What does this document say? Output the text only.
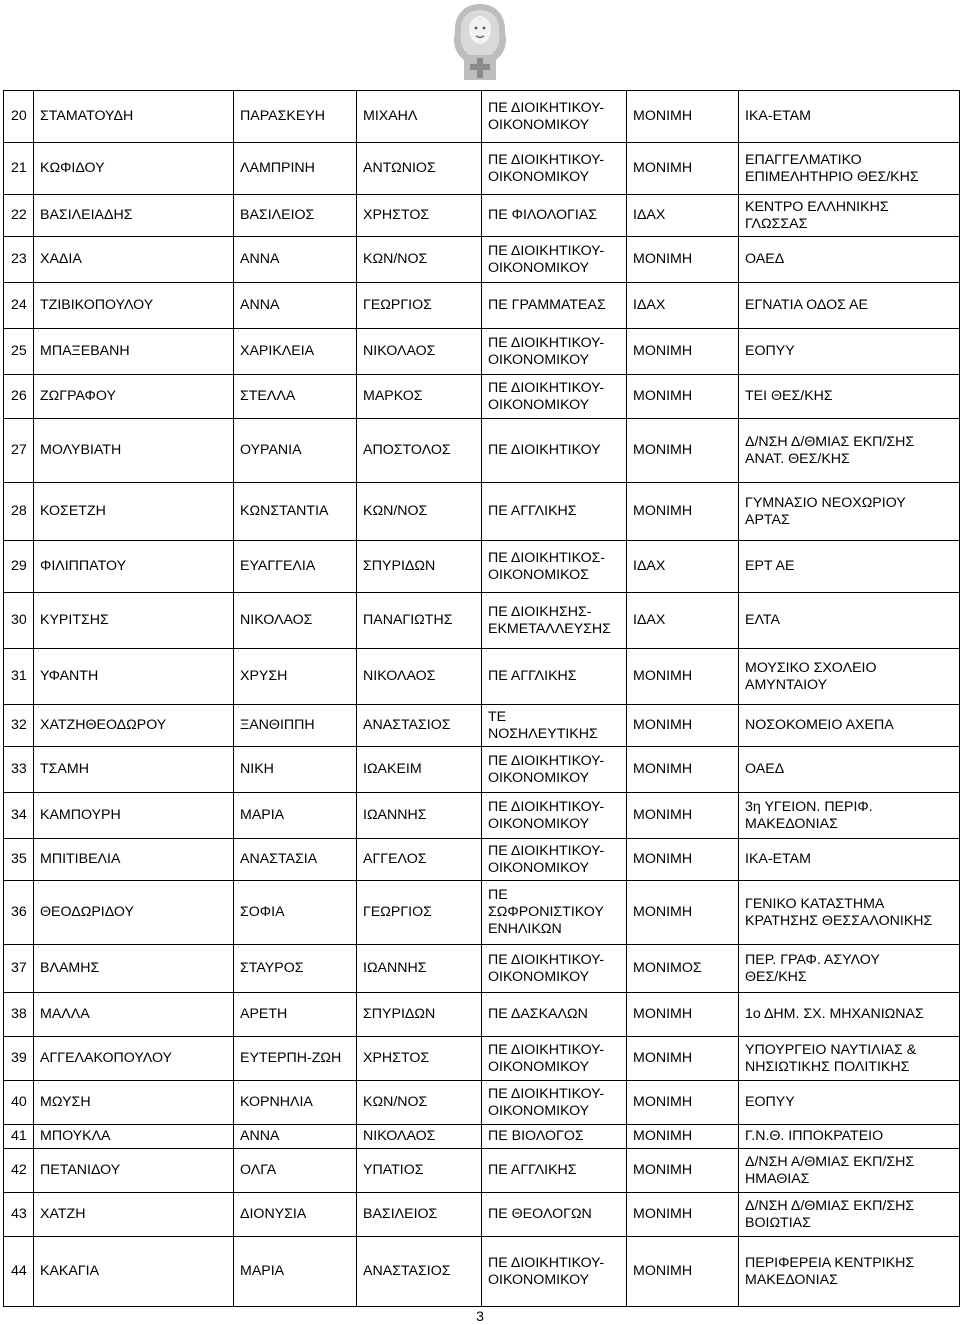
20	ΣΤΑΜΑΤΟΥΔΗ	ΠΑΡΑΣΚΕΥΗ	ΜΙΧΑΗΛ	ΠΕ ΔΙΟΙΚΗΤΙΚΟΥ-
ΟΙΚΟΝΟΜΙΚΟΥ	ΜΟΝΙΜΗ	ΙΚΑ-ΕΤΑΜ
21	ΚΩΦΙΔΟΥ	ΛΑΜΠΡΙΝΗ	ΑΝΤΩΝΙΟΣ	ΠΕ ΔΙΟΙΚΗΤΙΚΟΥ-
ΟΙΚΟΝΟΜΙΚΟΥ	ΜΟΝΙΜΗ	ΕΠΑΓΓΕΛΜΑΤΙΚΟ
ΕΠΙΜΕΛΗΤΗΡΙΟ ΘΕΣ/ΚΗΣ
22	ΒΑΣΙΛΕΙΑΔΗΣ	ΒΑΣΙΛΕΙΟΣ	ΧΡΗΣΤΟΣ	ΠΕ ΦΙΛΟΛΟΓΙΑΣ	ΙΔΑΧ	ΚΕΝΤΡΟ ΕΛΛΗΝΙΚΗΣ
ΓΛΩΣΣΑΣ
23	ΧΑΔΙΑ	ΑΝΝΑ	ΚΩΝ/ΝΟΣ	ΠΕ ΔΙΟΙΚΗΤΙΚΟΥ-
ΟΙΚΟΝΟΜΙΚΟΥ	ΜΟΝΙΜΗ	ΟΑΕΔ
24	ΤΖΙΒΙΚΟΠΟΥΛΟΥ	ΑΝΝΑ	ΓΕΩΡΓΙΟΣ	ΠΕ ΓΡΑΜΜΑΤΕΑΣ	ΙΔΑΧ	ΕΓΝΑΤΙΑ ΟΔΟΣ ΑΕ
25	ΜΠΑΞΕΒΑΝΗ	ΧΑΡΙΚΛΕΙΑ	ΝΙΚΟΛΑΟΣ	ΠΕ ΔΙΟΙΚΗΤΙΚΟΥ-
ΟΙΚΟΝΟΜΙΚΟΥ	ΜΟΝΙΜΗ	ΕΟΠΥΥ
26	ΖΩΓΡΑΦΟΥ	ΣΤΕΛΛΑ	ΜΑΡΚΟΣ	ΠΕ ΔΙΟΙΚΗΤΙΚΟΥ-
ΟΙΚΟΝΟΜΙΚΟΥ	ΜΟΝΙΜΗ	ΤΕΙ ΘΕΣ/ΚΗΣ
27	ΜΟΛΥΒΙΑΤΗ	ΟΥΡΑΝΙΑ	ΑΠΟΣΤΟΛΟΣ	ΠΕ ΔΙΟΙΚΗΤΙΚΟΥ	ΜΟΝΙΜΗ	Δ/ΝΣΗ Δ/ΘΜΙΑΣ ΕΚΠ/ΣΗΣ
ΑΝΑΤ. ΘΕΣ/ΚΗΣ
28	ΚΟΣΕΤΖΗ	ΚΩΝΣΤΑΝΤΙΑ	ΚΩΝ/ΝΟΣ	ΠΕ ΑΓΓΛΙΚΗΣ	ΜΟΝΙΜΗ	ΓΥΜΝΑΣΙΟ ΝΕΟΧΩΡΙΟΥ
ΑΡΤΑΣ
29	ΦΙΛΙΠΠΑΤΟΥ	ΕΥΑΓΓΕΛΙΑ	ΣΠΥΡΙΔΩΝ	ΠΕ ΔΙΟΙΚΗΤΙΚΟΣ-
ΟΙΚΟΝΟΜΙΚΟΣ	ΙΔΑΧ	ΕΡΤ ΑΕ
30	ΚΥΡΙΤΣΗΣ	ΝΙΚΟΛΑΟΣ	ΠΑΝΑΓΙΩΤΗΣ	ΠΕ ΔΙΟΙΚΗΣΗΣ-
ΕΚΜΕΤΑΛΛΕΥΣΗΣ	ΙΔΑΧ	ΕΛΤΑ
31	ΥΦΑΝΤΗ	ΧΡΥΣΗ	ΝΙΚΟΛΑΟΣ	ΠΕ ΑΓΓΛΙΚΗΣ	ΜΟΝΙΜΗ	ΜΟΥΣΙΚΟ ΣΧΟΛΕΙΟ
ΑΜΥΝΤΑΙΟΥ
32	ΧΑΤΖΗΘΕΟΔΩΡΟΥ	ΞΑΝΘΙΠΠΗ	ΑΝΑΣΤΑΣΙΟΣ	ΤΕ
ΝΟΣΗΛΕΥΤΙΚΗΣ	ΜΟΝΙΜΗ	ΝΟΣΟΚΟΜΕΙΟ ΑΧΕΠΑ
33	ΤΣΑΜΗ	ΝΙΚΗ	ΙΩΑΚΕΙΜ	ΠΕ ΔΙΟΙΚΗΤΙΚΟΥ-
ΟΙΚΟΝΟΜΙΚΟΥ	ΜΟΝΙΜΗ	ΟΑΕΔ
34	ΚΑΜΠΟΥΡΗ	ΜΑΡΙΑ	ΙΩΑΝΝΗΣ	ΠΕ ΔΙΟΙΚΗΤΙΚΟΥ-
ΟΙΚΟΝΟΜΙΚΟΥ	ΜΟΝΙΜΗ	3η ΥΓΕΙΟΝ. ΠΕΡΙΦ.
ΜΑΚΕΔΟΝΙΑΣ
35	ΜΠΙΤΙΒΕΛΙΑ	ΑΝΑΣΤΑΣΙΑ	ΑΓΓΕΛΟΣ	ΠΕ ΔΙΟΙΚΗΤΙΚΟΥ-
ΟΙΚΟΝΟΜΙΚΟΥ	ΜΟΝΙΜΗ	ΙΚΑ-ΕΤΑΜ
36	ΘΕΟΔΩΡΙΔΟΥ	ΣΟΦΙΑ	ΓΕΩΡΓΙΟΣ	ΠΕ
ΣΩΦΡΟΝΙΣΤΙΚΟΥ
ΕΝΗΛΙΚΩΝ	ΜΟΝΙΜΗ	ΓΕΝΙΚΟ ΚΑΤΑΣΤΗΜΑ
ΚΡΑΤΗΣΗΣ ΘΕΣΣΑΛΟΝΙΚΗΣ
37	ΒΛΑΜΗΣ	ΣΤΑΥΡΟΣ	ΙΩΑΝΝΗΣ	ΠΕ ΔΙΟΙΚΗΤΙΚΟΥ-
ΟΙΚΟΝΟΜΙΚΟΥ	ΜΟΝΙΜΟΣ	ΠΕΡ. ΓΡΑΦ. ΑΣΥΛΟΥ
ΘΕΣ/ΚΗΣ
38	ΜΑΛΛΑ	ΑΡΕΤΗ	ΣΠΥΡΙΔΩΝ	ΠΕ ΔΑΣΚΑΛΩΝ	ΜΟΝΙΜΗ	1ο ΔΗΜ. ΣΧ. ΜΗΧΑΝΙΩΝΑΣ
39	ΑΓΓΕΛΑΚΟΠΟΥΛΟΥ	ΕΥΤΕΡΠΗ-ΖΩΗ	ΧΡΗΣΤΟΣ	ΠΕ ΔΙΟΙΚΗΤΙΚΟΥ-
ΟΙΚΟΝΟΜΙΚΟΥ	ΜΟΝΙΜΗ	ΥΠΟΥΡΓΕΙΟ ΝΑΥΤΙΛΙΑΣ &
ΝΗΣΙΩΤΙΚΗΣ ΠΟΛΙΤΙΚΗΣ
40	ΜΩΥΣΗ	ΚΟΡΝΗΛΙΑ	ΚΩΝ/ΝΟΣ	ΠΕ ΔΙΟΙΚΗΤΙΚΟΥ-
ΟΙΚΟΝΟΜΙΚΟΥ	ΜΟΝΙΜΗ	ΕΟΠΥΥ
41	ΜΠΟΥΚΛΑ	ΑΝΝΑ	ΝΙΚΟΛΑΟΣ	ΠΕ ΒΙΟΛΟΓΟΣ	ΜΟΝΙΜΗ	Γ.Ν.Θ. ΙΠΠΟΚΡΑΤΕΙΟ
42	ΠΕΤΑΝΙΔΟΥ	ΟΛΓΑ	ΥΠΑΤΙΟΣ	ΠΕ ΑΓΓΛΙΚΗΣ	ΜΟΝΙΜΗ	Δ/ΝΣΗ Α/ΘΜΙΑΣ ΕΚΠ/ΣΗΣ
ΗΜΑΘΙΑΣ
43	ΧΑΤΖΗ	ΔΙΟΝΥΣΙΑ	ΒΑΣΙΛΕΙΟΣ	ΠΕ ΘΕΟΛΟΓΩΝ	ΜΟΝΙΜΗ	Δ/ΝΣΗ Δ/ΘΜΙΑΣ ΕΚΠ/ΣΗΣ
ΒΟΙΩΤΙΑΣ
44	ΚΑΚΑΓΙΑ	ΜΑΡΙΑ	ΑΝΑΣΤΑΣΙΟΣ	ΠΕ ΔΙΟΙΚΗΤΙΚΟΥ-
ΟΙΚΟΝΟΜΙΚΟΥ	ΜΟΝΙΜΗ	ΠΕΡΙΦΕΡΕΙΑ ΚΕΝΤΡΙΚΗΣ
ΜΑΚΕΔΟΝΙΑΣ
3
